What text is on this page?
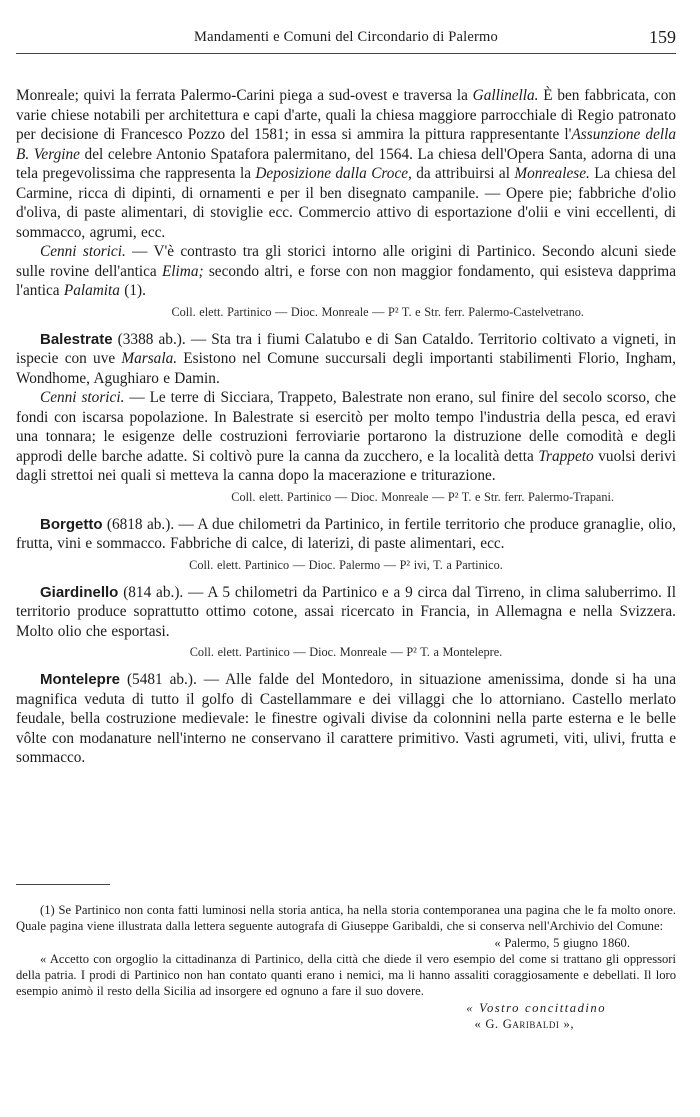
Mandamenti e Comuni del Circondario di Palermo	159

Monreale; quivi la ferrata Palermo-Carini piega a sud-ovest e traversa la Gallinella. È ben fabbricata, con varie chiese notabili per architettura e capi d'arte, quali la chiesa maggiore parrocchiale di Regio patronato per decisione di Francesco Pozzo del 1581; in essa si ammira la pittura rappresentante l'Assunzione della B. Vergine del celebre Antonio Spatafora palermitano, del 1564. La chiesa dell'Opera Santa, adorna di una tela pregevolissima che rappresenta la Deposizione dalla Croce, da attribuirsi al Monrealese. La chiesa del Carmine, ricca di dipinti, di ornamenti e per il ben disegnato campanile. — Opere pie; fabbriche d'olio d'oliva, di paste alimentari, di stoviglie ecc. Commercio attivo di esportazione d'olii e vini eccellenti, di sommacco, agrumi, ecc.

Cenni storici. — V'è contrasto tra gli storici intorno alle origini di Partinico. Secondo alcuni siede sulle rovine dell'antica Elima; secondo altri, e forse con non maggior fondamento, qui esisteva dapprima l'antica Palamita (1).

Coll. elett. Partinico — Dioc. Monreale — P² T. e Str. ferr. Palermo-Castelvetrano.

Balestrate (3388 ab.). — Sta tra i fiumi Calatubo e di San Cataldo. Territorio coltivato a vigneti, in ispecie con uve Marsala. Esistono nel Comune succursali degli importanti stabilimenti Florio, Ingham, Wondhome, Agughiaro e Damin.

Cenni storici. — Le terre di Sicciara, Trappeto, Balestrate non erano, sul finire del secolo scorso, che fondi con iscarsa popolazione. In Balestrate si esercitò per molto tempo l'industria della pesca, ed eravi una tonnara; le esigenze delle costruzioni ferroviarie portarono la distruzione delle comodità e degli approdi delle barche adatte. Si coltivò pure la canna da zucchero, e la località detta Trappeto vuolsi derivi dagli strettoi nei quali si metteva la canna dopo la macerazione e triturazione.

Coll. elett. Partinico — Dioc. Monreale — P² T. e Str. ferr. Palermo-Trapani.

Borgetto (6818 ab.). — A due chilometri da Partinico, in fertile territorio che produce granaglie, olio, frutta, vini e sommacco. Fabbriche di calce, di laterizi, di paste alimentari, ecc.

Coll. elett. Partinico — Dioc. Palermo — P² ivi, T. a Partinico.

Giardinello (814 ab.). — A 5 chilometri da Partinico e a 9 circa dal Tirreno, in clima saluberrimo. Il territorio produce soprattutto ottimo cotone, assai ricercato in Francia, in Allemagna e nella Svizzera. Molto olio che esportasi.

Coll. elett. Partinico — Dioc. Monreale — P² T. a Montelepre.

Montelepre (5481 ab.). — Alle falde del Montedoro, in situazione amenissima, donde si ha una magnifica veduta di tutto il golfo di Castellammare e dei villaggi che lo attorniano. Castello merlato feudale, bella costruzione medievale: le finestre ogivali divise da colonnini nella parte esterna e le belle vôlte con modanature nell'interno ne conservano il carattere primitivo. Vasti agrumeti, viti, ulivi, frutta e sommacco.

(1) Se Partinico non conta fatti luminosi nella storia antica, ha nella storia contemporanea una pagina che le fa molto onore. Quale pagina viene illustrata dalla lettera seguente autografa di Giuseppe Garibaldi, che si conserva nell'Archivio del Comune:

« Palermo, 5 giugno 1860.

« Accetto con orgoglio la cittadinanza di Partinico, della città che diede il vero esempio del come si trattano gli oppressori della patria. I prodi di Partinico non han contato quanti erano i nemici, ma li hanno assaliti coraggiosamente e debellati. Il loro esempio animò il resto della Sicilia ad insorgere ed ognuno a fare il suo dovere.

« Vostro concittadino

« G. Garibaldi »,
